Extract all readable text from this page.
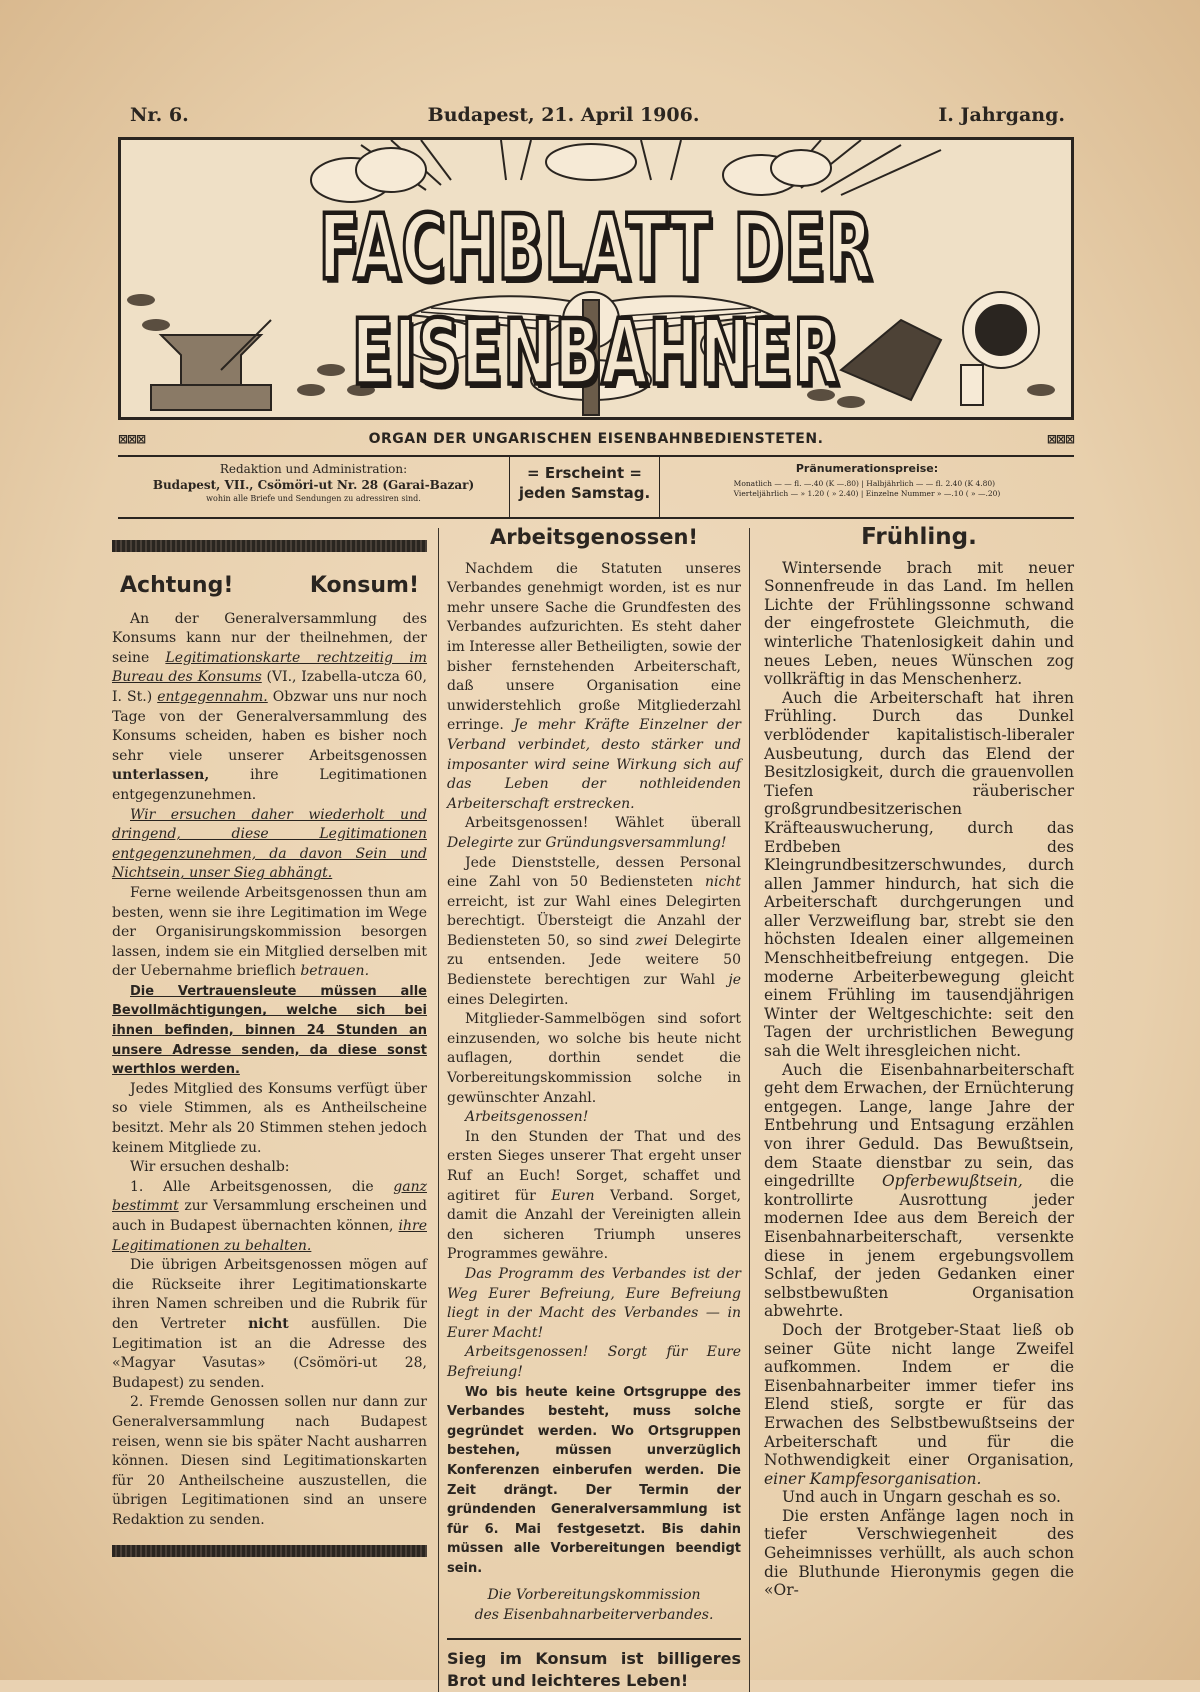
Nr. 6.	Budapest, 21. April 1906.	I. Jahrgang.
FACHBLATT DER EISENBAHNER
⊠⊠⊠	ORGAN DER UNGARISCHEN EISENBAHNBEDIENSTETEN.	⊠⊠⊠
Redaktion und Administration:
Budapest, VII., Csömöri-ut Nr. 28 (Garai-Bazar)
wohin alle Briefe und Sendungen zu adressiren sind.
= Erscheint =
jeden Samstag.
Pränumerationspreise:
Monatlich — — fl. —.40 (K —.80) | Halbjährlich — — fl. 2.40 (K 4.80)
Vierteljährlich — » 1.20 ( » 2.40) | Einzelne Nummer » —.10 ( » —.20)
Achtung!	Konsum!

An der Generalversammlung des Konsums kann nur der theilnehmen, der seine Legitimationskarte rechtzeitig im Bureau des Konsums (VI., Izabella-utcza 60, I. St.) entgegennahm. Obzwar uns nur noch Tage von der Generalversammlung des Konsums scheiden, haben es bisher noch sehr viele unserer Arbeitsgenossen unterlassen, ihre Legitimationen entgegenzunehmen.

Wir ersuchen daher wiederholt und dringend, diese Legitimationen entgegenzunehmen, da davon Sein und Nichtsein, unser Sieg abhängt.

Ferne weilende Arbeitsgenossen thun am besten, wenn sie ihre Legitimation im Wege der Organisirungskommission besorgen lassen, indem sie ein Mitglied derselben mit der Uebernahme brieflich betrauen.

Die Vertrauensleute müssen alle Bevollmächtigungen, welche sich bei ihnen befinden, binnen 24 Stunden an unsere Adresse senden, da diese sonst werthlos werden.

Jedes Mitglied des Konsums verfügt über so viele Stimmen, als es Antheilscheine besitzt. Mehr als 20 Stimmen stehen jedoch keinem Mitgliede zu.

Wir ersuchen deshalb:

1. Alle Arbeitsgenossen, die ganz bestimmt zur Versammlung erscheinen und auch in Budapest übernachten können, ihre Legitimationen zu behalten.

Die übrigen Arbeitsgenossen mögen auf die Rückseite ihrer Legitimationskarte ihren Namen schreiben und die Rubrik für den Vertreter nicht ausfüllen. Die Legitimation ist an die Adresse des «Magyar Vasutas» (Csömöri-ut 28, Budapest) zu senden.

2. Fremde Genossen sollen nur dann zur Generalversammlung nach Budapest reisen, wenn sie bis später Nacht ausharren können. Diesen sind Legitimationskarten für 20 Antheilscheine auszustellen, die übrigen Legitimationen sind an unsere Redaktion zu senden.

Arbeitsgenossen!

Nachdem die Statuten unseres Verbandes genehmigt worden, ist es nur mehr unsere Sache die Grundfesten des Verbandes aufzurichten. Es steht daher im Interesse aller Betheiligten, sowie der bisher fernstehenden Arbeiterschaft, daß unsere Organisation eine unwiderstehlich große Mitgliederzahl erringe. Je mehr Kräfte Einzelner der Verband verbindet, desto stärker und imposanter wird seine Wirkung sich auf das Leben der nothleidenden Arbeiterschaft erstrecken.

Arbeitsgenossen! Wählet überall Delegirte zur Gründungsversammlung!

Jede Dienststelle, dessen Personal eine Zahl von 50 Bediensteten nicht erreicht, ist zur Wahl eines Delegirten berechtigt. Übersteigt die Anzahl der Bediensteten 50, so sind zwei Delegirte zu entsenden. Jede weitere 50 Bedienstete berechtigen zur Wahl je eines Delegirten.

Mitglieder-Sammelbögen sind sofort einzusenden, wo solche bis heute nicht auflagen, dorthin sendet die Vorbereitungskommission solche in gewünschter Anzahl.

Arbeitsgenossen!

In den Stunden der That und des ersten Sieges unserer That ergeht unser Ruf an Euch! Sorget, schaffet und agitiret für Euren Verband. Sorget, damit die Anzahl der Vereinigten allein den sicheren Triumph unseres Programmes gewähre.

Das Programm des Verbandes ist der Weg Eurer Befreiung, Eure Befreiung liegt in der Macht des Verbandes — in Eurer Macht!

Arbeitsgenossen! Sorgt für Eure Befreiung!

Wo bis heute keine Ortsgruppe des Verbandes besteht, muss solche gegründet werden. Wo Ortsgruppen bestehen, müssen unverzüglich Konferenzen einberufen werden. Die Zeit drängt. Der Termin der gründenden Generalversammlung ist für 6. Mai festgesetzt. Bis dahin müssen alle Vorbereitungen beendigt sein.

Die Vorbereitungskommission
des Eisenbahnarbeiterverbandes.
Sieg im Konsum ist billigeres Brot und leichteres Leben!
Frühling.

Wintersende brach mit neuer Sonnenfreude in das Land. Im hellen Lichte der Frühlingssonne schwand der eingefrostete Gleichmuth, die winterliche Thatenlosigkeit dahin und neues Leben, neues Wünschen zog vollkräftig in das Menschenherz.

Auch die Arbeiterschaft hat ihren Frühling. Durch das Dunkel verblödender kapitalistisch-liberaler Ausbeutung, durch das Elend der Besitzlosigkeit, durch die grauenvollen Tiefen räuberischer großgrundbesitzerischen Kräfteauswucherung, durch das Erdbeben des Kleingrundbesitzerschwundes, durch allen Jammer hindurch, hat sich die Arbeiterschaft durchgerungen und aller Verzweiflung bar, strebt sie den höchsten Idealen einer allgemeinen Menschheitbefreiung entgegen. Die moderne Arbeiterbewegung gleicht einem Frühling im tausendjährigen Winter der Weltgeschichte: seit den Tagen der urchristlichen Bewegung sah die Welt ihresgleichen nicht.

Auch die Eisenbahnarbeiterschaft geht dem Erwachen, der Ernüchterung entgegen. Lange, lange Jahre der Entbehrung und Entsagung erzählen von ihrer Geduld. Das Bewußtsein, dem Staate dienstbar zu sein, das eingedrillte Opferbewußtsein, die kontrollirte Ausrottung jeder modernen Idee aus dem Bereich der Eisenbahnarbeiterschaft, versenkte diese in jenem ergebungsvollem Schlaf, der jeden Gedanken einer selbstbewußten Organisation abwehrte.

Doch der Brotgeber-Staat ließ ob seiner Güte nicht lange Zweifel aufkommen. Indem er die Eisenbahnarbeiter immer tiefer ins Elend stieß, sorgte er für das Erwachen des Selbstbewußtseins der Arbeiterschaft und für die Nothwendigkeit einer Organisation, einer Kampfesorganisation.

Und auch in Ungarn geschah es so.

Die ersten Anfänge lagen noch in tiefer Verschwiegenheit des Geheimnisses verhüllt, als auch schon die Bluthunde Hieronymis gegen die «Or-
